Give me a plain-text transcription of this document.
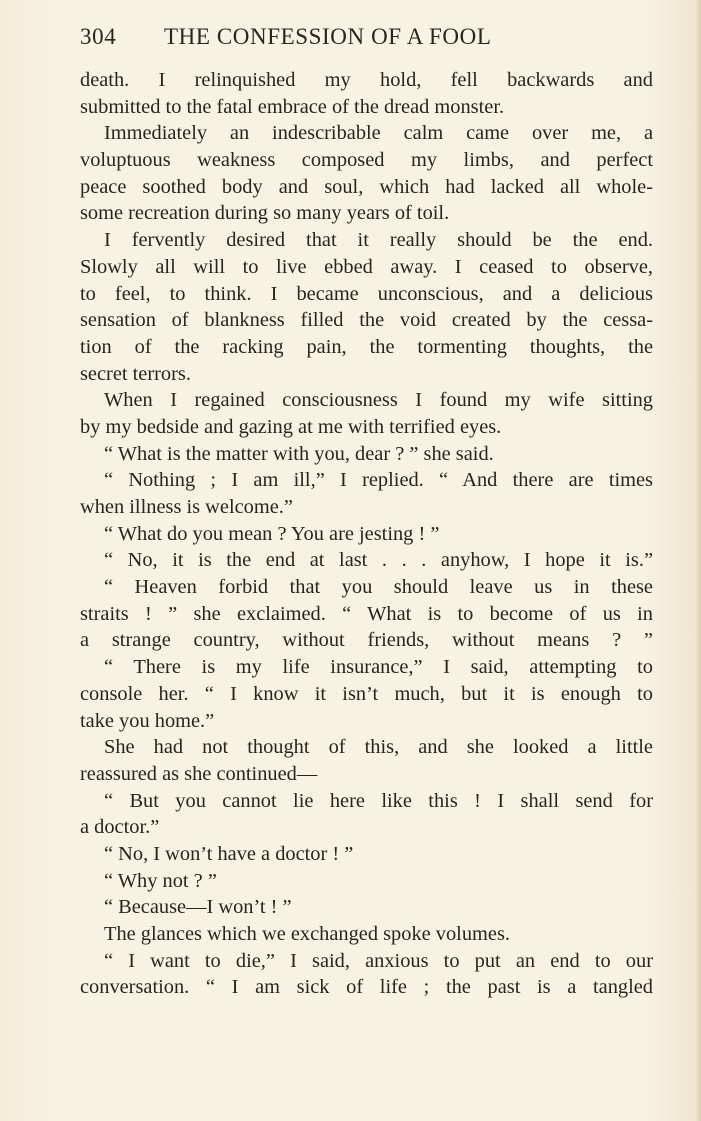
304 THE CONFESSION OF A FOOL
death. I relinquished my hold, fell backwards and
submitted to the fatal embrace of the dread monster.
Immediately an indescribable calm came over me, a
voluptuous weakness composed my limbs, and perfect
peace soothed body and soul, which had lacked all whole-
some recreation during so many years of toil.
I fervently desired that it really should be the end.
Slowly all will to live ebbed away. I ceased to observe,
to feel, to think. I became unconscious, and a delicious
sensation of blankness filled the void created by the cessa-
tion of the racking pain, the tormenting thoughts, the
secret terrors.
When I regained consciousness I found my wife sitting
by my bedside and gazing at me with terrified eyes.
“ What is the matter with you, dear ? ” she said.
“ Nothing ; I am ill,” I replied. “ And there are times
when illness is welcome.”
“ What do you mean ? You are jesting ! ”
“ No, it is the end at last . . . anyhow, I hope it is.”
“ Heaven forbid that you should leave us in these
straits ! ” she exclaimed. “ What is to become of us in
a strange country, without friends, without means ? ”
“ There is my life insurance,” I said, attempting to
console her. “ I know it isn’t much, but it is enough to
take you home.”
She had not thought of this, and she looked a little
reassured as she continued—
“ But you cannot lie here like this ! I shall send for
a doctor.”
“ No, I won’t have a doctor ! ”
“ Why not ? ”
“ Because—I won’t ! ”
The glances which we exchanged spoke volumes.
“ I want to die,” I said, anxious to put an end to our
conversation. “ I am sick of life ; the past is a tangled
